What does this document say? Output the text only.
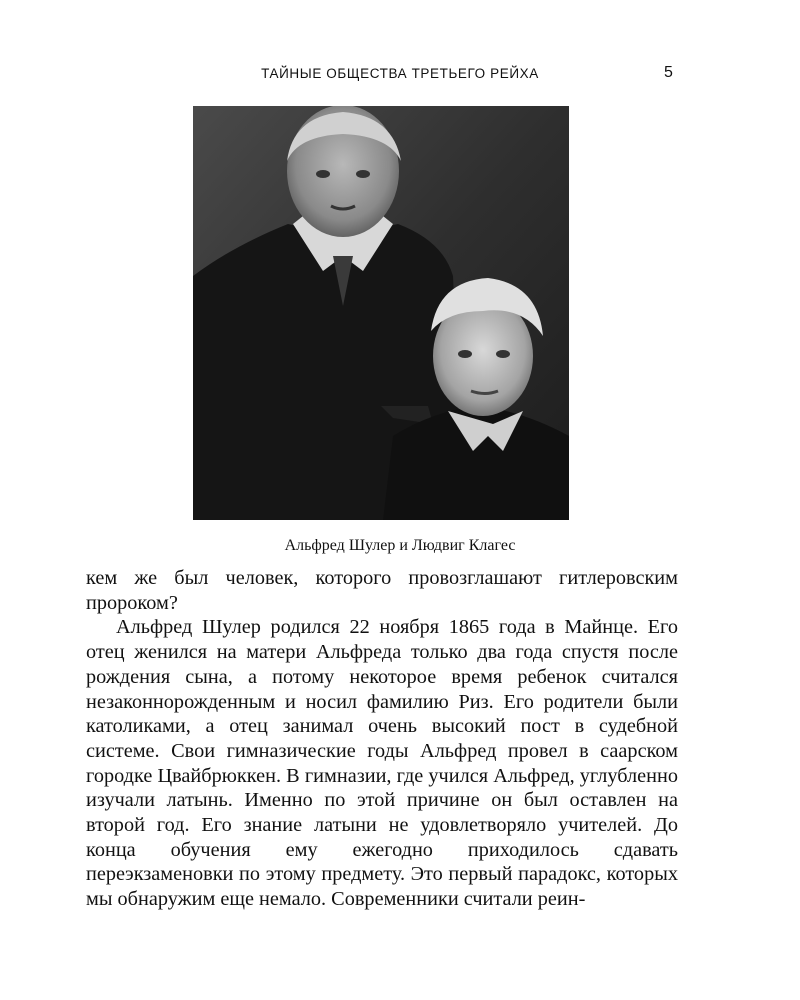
ТАЙНЫЕ ОБЩЕСТВА ТРЕТЬЕГО РЕЙХА	5
Альфред Шулер и Людвиг Клагес

кем же был человек, которого провозглашают гитлеровским пророком?

Альфред Шулер родился 22 ноября 1865 года в Майнце. Его отец женился на матери Альфреда только два года спустя после рождения сына, а потому некоторое время ребенок считался незаконнорожденным и носил фамилию Риз. Его родители были католиками, а отец занимал очень высокий пост в судебной системе. Свои гимназические годы Альфред провел в саарском городке Цвайбрюккен. В гимназии, где учился Альфред, углубленно изучали латынь. Именно по этой причине он был оставлен на второй год. Его знание латыни не удовлетворяло учителей. До конца обучения ему ежегодно приходилось сдавать переэкзаменовки по этому предмету. Это первый парадокс, которых мы обнаружим еще немало. Современники считали реин-
